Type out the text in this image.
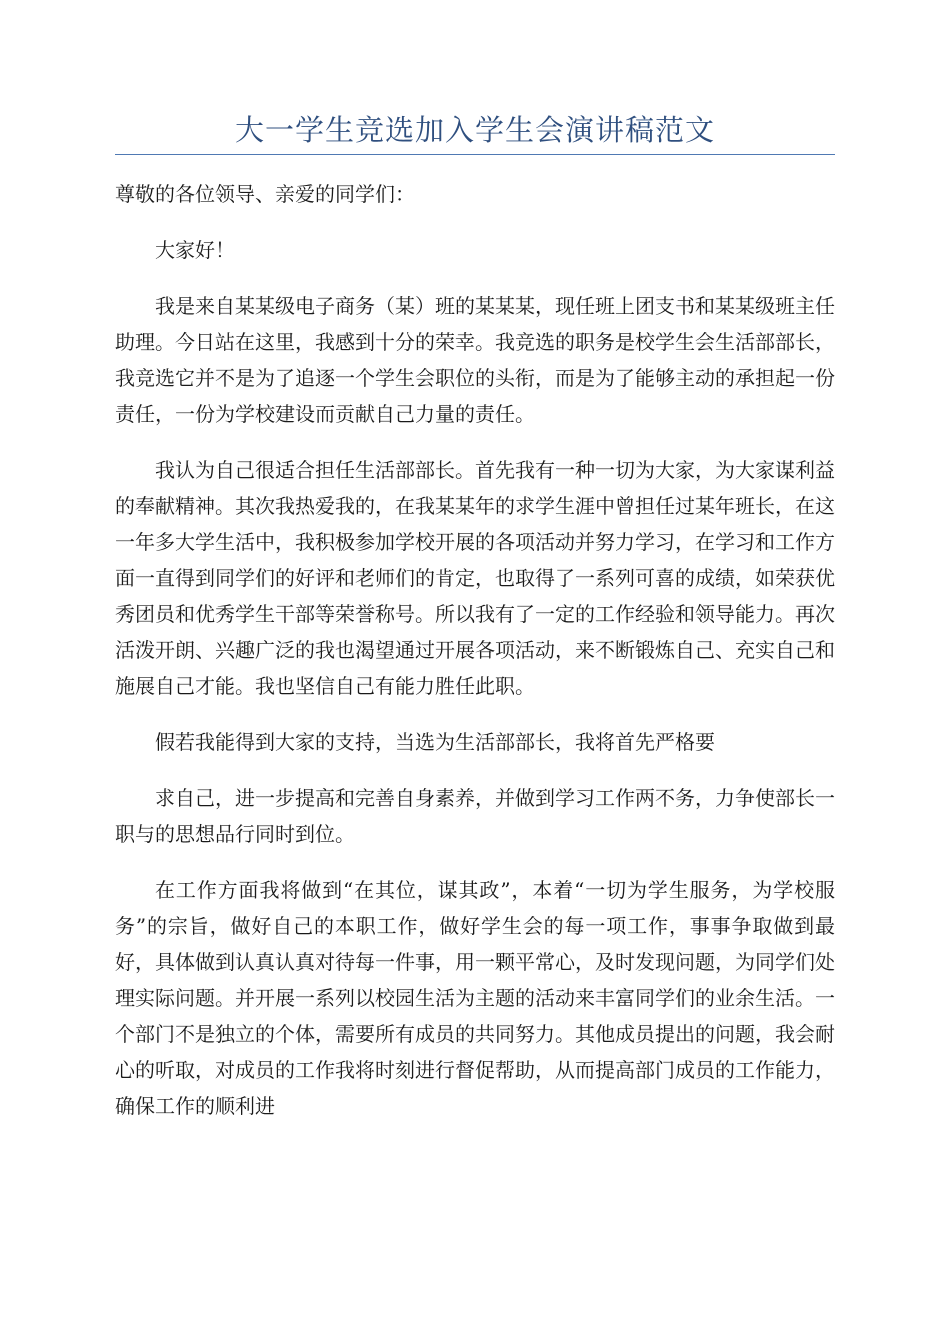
大一学生竞选加入学生会演讲稿范文

尊敬的各位领导、亲爱的同学们：

大家好！

我是来自某某级电子商务（某）班的某某某，现任班上团支书和某某级班主任助理。今日站在这里，我感到十分的荣幸。我竞选的职务是校学生会生活部部长，我竞选它并不是为了追逐一个学生会职位的头衔，而是为了能够主动的承担起一份责任，一份为学校建设而贡献自己力量的责任。

我认为自己很适合担任生活部部长。首先我有一种一切为大家，为大家谋利益的奉献精神。其次我热爱我的，在我某某年的求学生涯中曾担任过某年班长，在这一年多大学生活中，我积极参加学校开展的各项活动并努力学习，在学习和工作方面一直得到同学们的好评和老师们的肯定，也取得了一系列可喜的成绩，如荣获优秀团员和优秀学生干部等荣誉称号。所以我有了一定的工作经验和领导能力。再次活泼开朗、兴趣广泛的我也渴望通过开展各项活动，来不断锻炼自己、充实自己和施展自己才能。我也坚信自己有能力胜任此职。

假若我能得到大家的支持，当选为生活部部长，我将首先严格要

求自己，进一步提高和完善自身素养，并做到学习工作两不务，力争使部长一职与的思想品行同时到位。

在工作方面我将做到“在其位，谋其政”，本着“一切为学生服务，为学校服务”的宗旨，做好自己的本职工作，做好学生会的每一项工作，事事争取做到最好，具体做到认真认真对待每一件事，用一颗平常心，及时发现问题，为同学们处理实际问题。并开展一系列以校园生活为主题的活动来丰富同学们的业余生活。一个部门不是独立的个体，需要所有成员的共同努力。其他成员提出的问题，我会耐心的听取，对成员的工作我将时刻进行督促帮助，从而提高部门成员的工作能力，确保工作的顺利进
